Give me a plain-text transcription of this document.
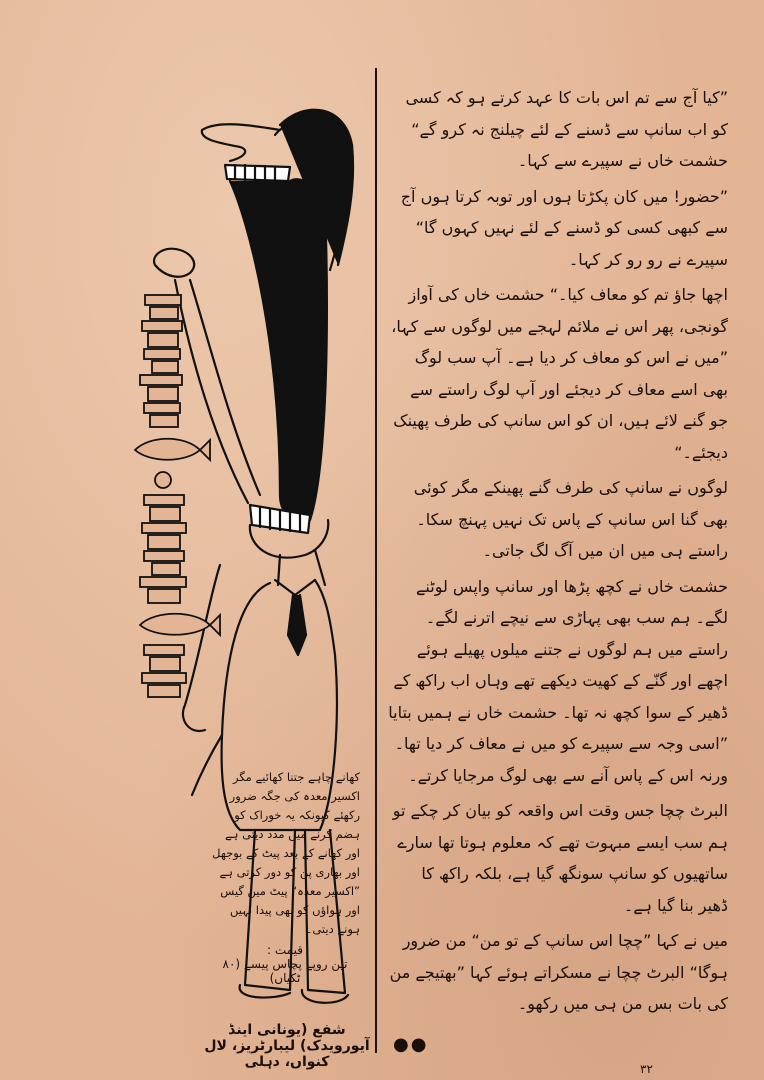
”کیا آج سے تم اس بات کا عہد کرتے ہو کہ کسی کو اب سانپ سے ڈسنے کے لئے چیلنج نہ کرو گے“ حشمت خاں نے سپیرے سے کہا۔

”حضور! میں کان پکڑتا ہوں اور توبہ کرتا ہوں آج سے کبھی کسی کو ڈسنے کے لئے نہیں کہوں گا“ سپیرے نے رو رو کر کہا۔

اچھا جاؤ تم کو معاف کیا۔“ حشمت خاں کی آواز گونجی، پھر اس نے ملائم لہجے میں لوگوں سے کہا، ”میں نے اس کو معاف کر دیا ہے۔ آپ سب لوگ بھی اسے معاف کر دیجئے اور آپ لوگ راستے سے جو گنے لائے ہیں، ان کو اس سانپ کی طرف پھینک دیجئے۔“

لوگوں نے سانپ کی طرف گنے پھینکے مگر کوئی بھی گنا اس سانپ کے پاس تک نہیں پہنچ سکا۔ راستے ہی میں ان میں آگ لگ جاتی۔

حشمت خاں نے کچھ پڑھا اور سانپ واپس لوٹنے لگے۔ ہم سب بھی پہاڑی سے نیچے اترنے لگے۔ راستے میں ہم لوگوں نے جتنے میلوں پھیلے ہوئے اچھے اور گنّے کے کھیت دیکھے تھے وہاں اب راکھ کے ڈھیر کے سوا کچھ نہ تھا۔ حشمت خاں نے ہمیں بتایا ”اسی وجہ سے سپیرے کو میں نے معاف کر دیا تھا۔ ورنہ اس کے پاس آنے سے بھی لوگ مرجایا کرتے۔

البرٹ چچا جس وقت اس واقعہ کو بیان کر چکے تو ہم سب ایسے مبہوت تھے کہ معلوم ہوتا تھا سارے ساتھیوں کو سانپ سونگھ گیا ہے، بلکہ راکھ کا ڈھیر بنا گیا ہے۔

میں نے کہا ”چچا اس سانپ کے تو من“ من ضرور ہوگا“ البرٹ چچا نے مسکراتے ہوئے کہا ”بھتیجے من کی بات بس من ہی میں رکھو۔

کھانے چاہے جتنا کھائیے مگر اکسیر معدہ کی جگہ ضرور رکھئے کیونکہ یہ خوراک کو ہضم کرنے میں مدد دیتی ہے اور کھانے کے بعد پیٹ کے بوجھل اور بھاری پن کو دور کرتی ہے ”اکسیر معدہ“ پیٹ میں گیس اور ہواؤں کو بھی پیدا نہیں ہونے دیتی۔

قیمت :
تین روپے پچاس پیسے (۸۰ ٹکیاں)
شفع (یونانی اینڈ آیورویدک) لیبارٹریز، لال کنواں، دہلی
●●
۳۲
